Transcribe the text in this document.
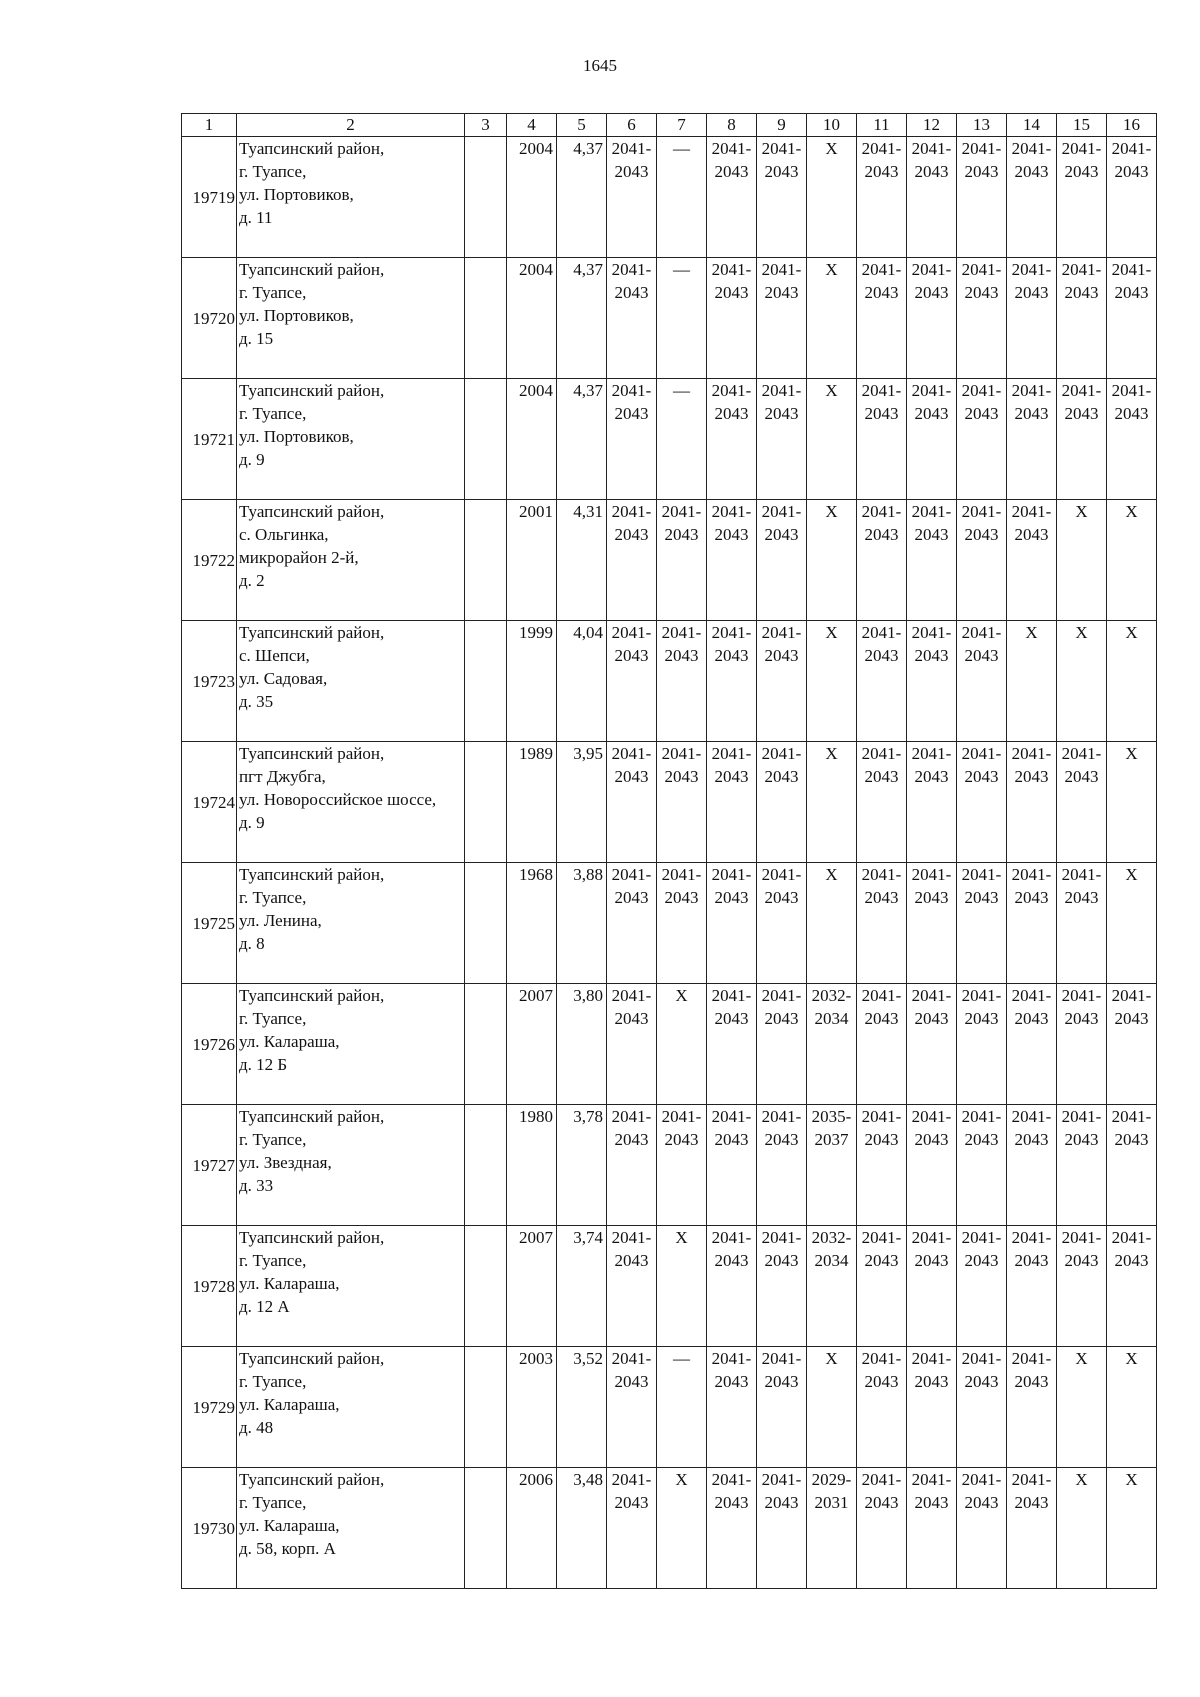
1645
1	2	3	4	5	6	7	8	9	10	11	12	13	14	15	16
19719	Туапсинский район,
г. Туапсе,
ул. Портовиков,
д. 11		2004	4,37	2041-
2043	—	2041-
2043	2041-
2043	Х	2041-
2043	2041-
2043	2041-
2043	2041-
2043	2041-
2043	2041-
2043

19720	Туапсинский район,
г. Туапсе,
ул. Портовиков,
д. 15		2004	4,37	2041-
2043	—	2041-
2043	2041-
2043	Х	2041-
2043	2041-
2043	2041-
2043	2041-
2043	2041-
2043	2041-
2043

19721	Туапсинский район,
г. Туапсе,
ул. Портовиков,
д. 9		2004	4,37	2041-
2043	—	2041-
2043	2041-
2043	Х	2041-
2043	2041-
2043	2041-
2043	2041-
2043	2041-
2043	2041-
2043

19722	Туапсинский район,
с. Ольгинка,
микрорайон 2-й,
д. 2		2001	4,31	2041-
2043	2041-
2043	2041-
2043	2041-
2043	Х	2041-
2043	2041-
2043	2041-
2043	2041-
2043	Х	Х

19723	Туапсинский район,
с. Шепси,
ул. Садовая,
д. 35		1999	4,04	2041-
2043	2041-
2043	2041-
2043	2041-
2043	Х	2041-
2043	2041-
2043	2041-
2043	Х	Х	Х

19724	Туапсинский район,
пгт Джубга,
ул. Новороссийское шоссе,
д. 9		1989	3,95	2041-
2043	2041-
2043	2041-
2043	2041-
2043	Х	2041-
2043	2041-
2043	2041-
2043	2041-
2043	2041-
2043	Х

19725	Туапсинский район,
г. Туапсе,
ул. Ленина,
д. 8		1968	3,88	2041-
2043	2041-
2043	2041-
2043	2041-
2043	Х	2041-
2043	2041-
2043	2041-
2043	2041-
2043	2041-
2043	Х

19726	Туапсинский район,
г. Туапсе,
ул. Калараша,
д. 12 Б		2007	3,80	2041-
2043	Х	2041-
2043	2041-
2043	2032-
2034	2041-
2043	2041-
2043	2041-
2043	2041-
2043	2041-
2043	2041-
2043

19727	Туапсинский район,
г. Туапсе,
ул. Звездная,
д. 33		1980	3,78	2041-
2043	2041-
2043	2041-
2043	2041-
2043	2035-
2037	2041-
2043	2041-
2043	2041-
2043	2041-
2043	2041-
2043	2041-
2043

19728	Туапсинский район,
г. Туапсе,
ул. Калараша,
д. 12 А		2007	3,74	2041-
2043	Х	2041-
2043	2041-
2043	2032-
2034	2041-
2043	2041-
2043	2041-
2043	2041-
2043	2041-
2043	2041-
2043

19729	Туапсинский район,
г. Туапсе,
ул. Калараша,
д. 48		2003	3,52	2041-
2043	—	2041-
2043	2041-
2043	Х	2041-
2043	2041-
2043	2041-
2043	2041-
2043	Х	Х

19730	Туапсинский район,
г. Туапсе,
ул. Калараша,
д. 58, корп. А		2006	3,48	2041-
2043	Х	2041-
2043	2041-
2043	2029-
2031	2041-
2043	2041-
2043	2041-
2043	2041-
2043	Х	Х
